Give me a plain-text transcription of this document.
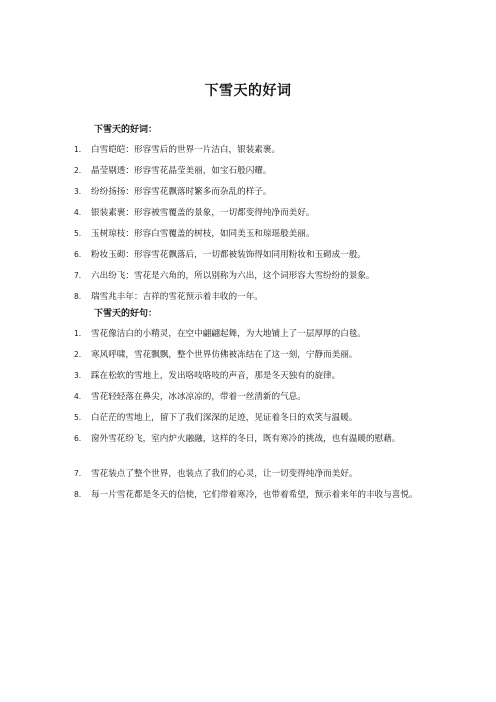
下雪天的好词
下雪天的好词：
1.	白雪皑皑：形容雪后的世界一片洁白，银装素裹。
2.	晶莹剔透：形容雪花晶莹美丽，如宝石般闪耀。
3.	纷纷扬扬：形容雪花飘落时繁多而杂乱的样子。
4.	银装素裹：形容被雪覆盖的景象，一切都变得纯净而美好。
5.	玉树琼枝：形容白雪覆盖的树枝，如同美玉和琼瑶般美丽。
6.	粉妆玉砌：形容雪花飘落后，一切都被装饰得如同用粉妆和玉砌成一般。
7.	六出纷飞：雪花是六角的，所以别称为六出，这个词形容大雪纷纷的景象。
8.	瑞雪兆丰年：吉祥的雪花预示着丰收的一年。
下雪天的好句：
1.	雪花像洁白的小精灵，在空中翩翩起舞，为大地铺上了一层厚厚的白毯。
2.	寒风呼啸，雪花飘飘，整个世界仿佛被冻结在了这一刻，宁静而美丽。
3.	踩在松软的雪地上，发出咯吱咯吱的声音，那是冬天独有的旋律。
4.	雪花轻轻落在鼻尖，冰冰凉凉的，带着一丝清新的气息。
5.	白茫茫的雪地上，留下了我们深深的足迹，见证着冬日的欢笑与温暖。
6.	窗外雪花纷飞，室内炉火融融，这样的冬日，既有寒冷的挑战，也有温暖的慰藉。
7.	雪花装点了整个世界，也装点了我们的心灵，让一切变得纯净而美好。
8.	每一片雪花都是冬天的信使，它们带着寒冷，也带着希望，预示着来年的丰收与喜悦。
